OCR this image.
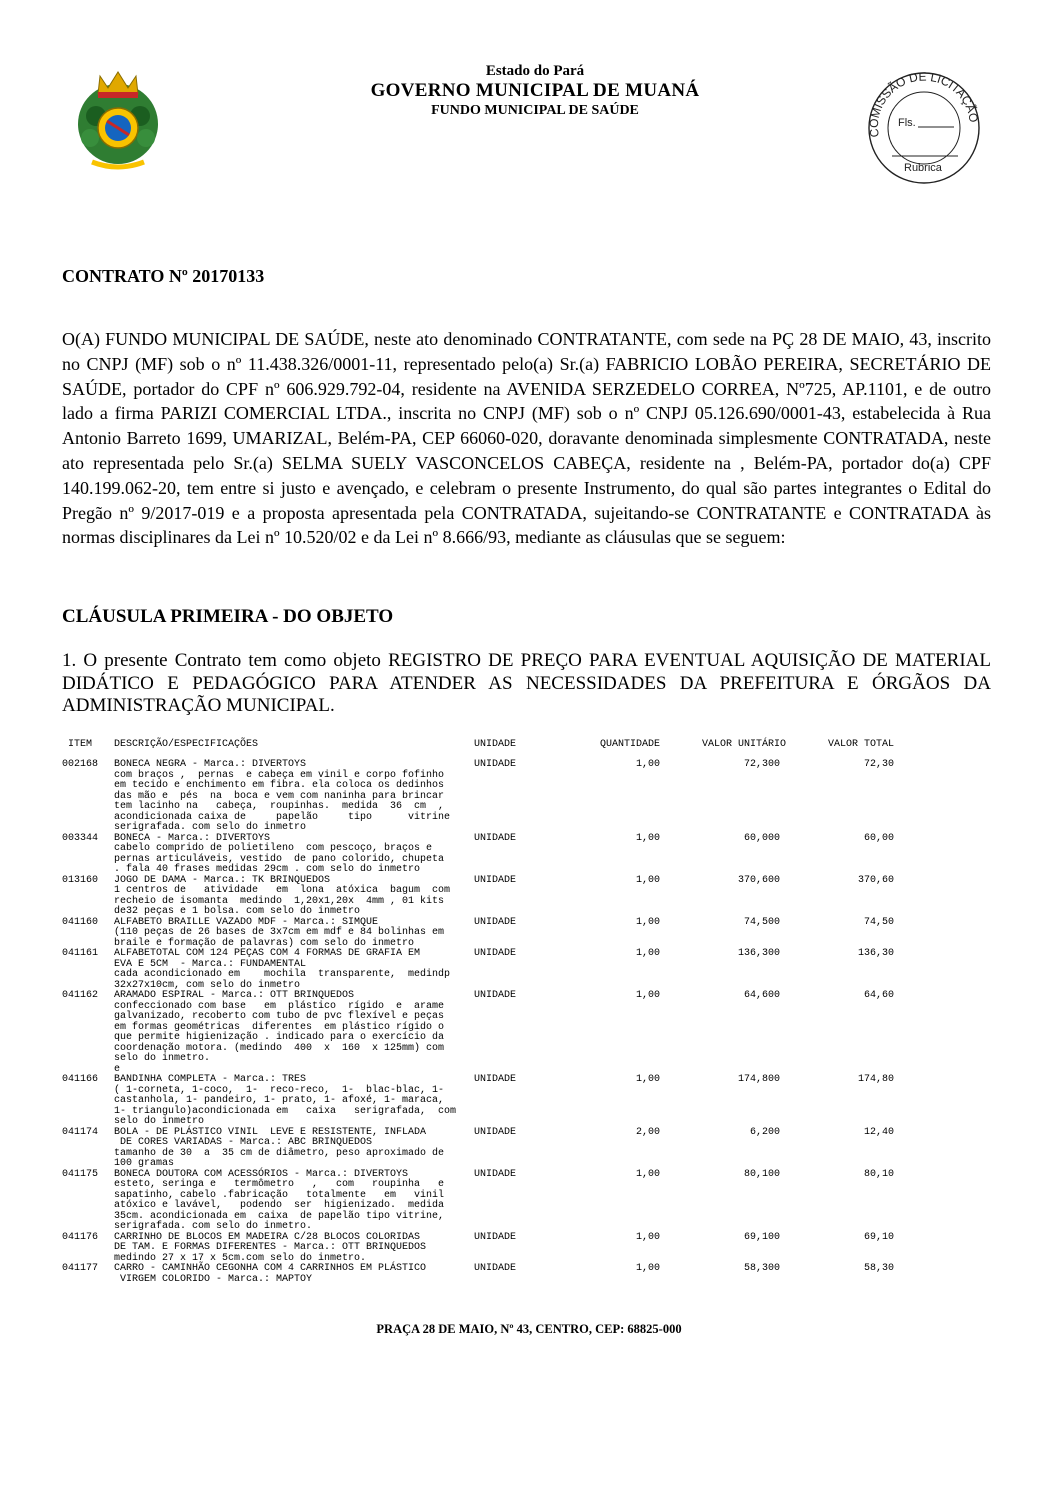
Estado do Pará
GOVERNO MUNICIPAL DE MUANÁ
FUNDO MUNICIPAL DE SAÚDE
COMISSÃO DE LICITAÇÃO
Fls.
Rubrica
CONTRATO Nº 20170133
O(A) FUNDO MUNICIPAL DE SAÚDE, neste ato denominado CONTRATANTE, com sede na PÇ 28 DE MAIO, 43, inscrito no CNPJ (MF) sob o nº 11.438.326/0001-11, representado pelo(a) Sr.(a) FABRICIO LOBÃO PEREIRA, SECRETÁRIO DE SAÚDE, portador do CPF nº 606.929.792-04, residente na AVENIDA SERZEDELO CORREA, Nº725, AP.1101, e de outro lado a firma PARIZI COMERCIAL LTDA., inscrita no CNPJ (MF) sob o nº CNPJ 05.126.690/0001-43, estabelecida à Rua Antonio Barreto 1699, UMARIZAL, Belém-PA, CEP 66060-020, doravante denominada simplesmente CONTRATADA, neste ato representada pelo Sr.(a) SELMA SUELY VASCONCELOS CABEÇA, residente na , Belém-PA, portador do(a) CPF 140.199.062-20, tem entre si justo e avençado, e celebram o presente Instrumento, do qual são partes integrantes o Edital do Pregão nº 9/2017-019 e a proposta apresentada pela CONTRATADA, sujeitando-se CONTRATANTE e CONTRATADA às normas disciplinares da Lei nº 10.520/02 e da Lei nº 8.666/93, mediante as cláusulas que se seguem:
CLÁUSULA PRIMEIRA - DO OBJETO
1. O presente Contrato tem como objeto REGISTRO DE PREÇO PARA EVENTUAL AQUISIÇÃO DE MATERIAL DIDÁTICO E PEDAGÓGICO PARA ATENDER AS NECESSIDADES DA PREFEITURA E ÓRGÃOS DA ADMINISTRAÇÃO MUNICIPAL.
ITEM DESCRIÇÃO/ESPECIFICAÇÕES	UNIDADE	QUANTIDADE	VALOR UNITÁRIO	VALOR TOTAL
002168 BONECA NEGRA - Marca.: DIVERTOYS
com braços ,  pernas  e cabeça em vinil e corpo fofinho
em tecido e enchimento em fibra. ela coloca os dedinhos
das mão e  pés  na  boca e vem com naninha para brincar
tem lacinho na   cabeça,  roupinhas.  medida  36  cm  ,
acondicionada caixa de     papelão     tipo      vitrine
serigrafada. com selo do inmetro
UNIDADE	1,00	72,300	72,30
003344 BONECA - Marca.: DIVERTOYS
cabelo comprido de polietileno  com pescoço, braços e
pernas articuláveis, vestido  de pano colorido, chupeta
. fala 40 frases medidas 29cm . com selo do inmetro
UNIDADE	1,00	60,000	60,00
013160 JOGO DE DAMA - Marca.: TK BRINQUEDOS
1 centros de   atividade   em  lona  atóxica  bagum  com
recheio de isomanta  medindo  1,20x1,20x  4mm , 01 kits
de32 peças e 1 bolsa. com selo do inmetro
UNIDADE	1,00	370,600	370,60
041160 ALFABETO BRAILLE VAZADO MDF - Marca.: SIMQUE
(110 peças de 26 bases de 3x7cm em mdf e 84 bolinhas em
braile e formação de palavras) com selo do inmetro
UNIDADE	1,00	74,500	74,50
041161 ALFABETOTAL COM 124 PEÇAS COM 4 FORMAS DE GRAFIA EM
EVA E 5CM  - Marca.: FUNDAMENTAL
cada acondicionado em    mochila  transparente,  medindp
32x27x10cm, com selo do inmetro
UNIDADE	1,00	136,300	136,30
041162 ARAMADO ESPIRAL - Marca.: OTT BRINQUEDOS
confeccionado com base   em  plástico  rígido  e  arame
galvanizado, recoberto com tubo de pvc flexível e peças
em formas geométricas  diferentes  em plástico rígido o
que permite higienização . indicado para o exercício da
coordenação motora. (medindo  400  x  160  x 125mm) com
selo do inmetro.
e
UNIDADE	1,00	64,600	64,60
041166 BANDINHA COMPLETA - Marca.: TRES
( 1-corneta, 1-coco,  1-  reco-reco,  1-  blac-blac, 1-
castanhola, 1- pandeiro, 1- prato, 1- afoxé, 1- maraca,
1- triangulo)acondicionada em   caixa   serigrafada,  com
selo do inmetro
UNIDADE	1,00	174,800	174,80
041174 BOLA - DE PLÁSTICO VINIL  LEVE E RESISTENTE, INFLADA
DE CORES VARIADAS - Marca.: ABC BRINQUEDOS
tamanho de 30  a  35 cm de diâmetro, peso aproximado de
100 gramas
UNIDADE	2,00	6,200	12,40
041175 BONECA DOUTORA COM ACESSÓRIOS - Marca.: DIVERTOYS
esteto, seringa e   termômetro   ,   com   roupinha   e
sapatinho, cabelo .fabricação   totalmente   em   vinil
atóxico e lavável,   podendo  ser  higienizado.  medida
35cm. acondicionada em  caixa  de papelão tipo vitrine,
serigrafada. com selo do inmetro.
UNIDADE	1,00	80,100	80,10
041176 CARRINHO DE BLOCOS EM MADEIRA C/28 BLOCOS COLORIDAS
DE TAM. E FORMAS DIFERENTES - Marca.: OTT BRINQUEDOS
medindo 27 x 17 x 5cm.com selo do inmetro.
UNIDADE	1,00	69,100	69,10
041177 CARRO - CAMINHÃO CEGONHA COM 4 CARRINHOS EM PLÁSTICO
VIRGEM COLORIDO - Marca.: MAPTOY
UNIDADE	1,00	58,300	58,30
PRAÇA 28 DE MAIO, Nº 43, CENTRO, CEP: 68825-000
